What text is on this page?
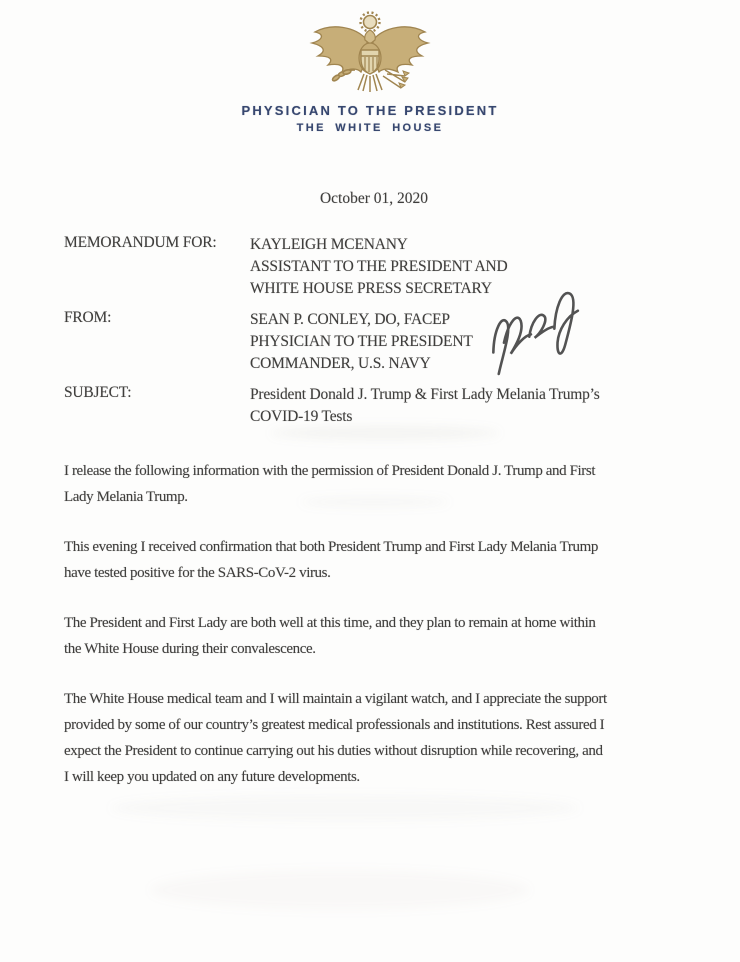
PHYSICIAN TO THE PRESIDENT
THE WHITE HOUSE
October 01, 2020
MEMORANDUM FOR:	KAYLEIGH MCENANY
ASSISTANT TO THE PRESIDENT AND
WHITE HOUSE PRESS SECRETARY
FROM:	SEAN P. CONLEY, DO, FACEP
PHYSICIAN TO THE PRESIDENT
COMMANDER, U.S. NAVY
SUBJECT:	President Donald J. Trump & First Lady Melania Trump’s
COVID-19 Tests
I release the following information with the permission of President Donald J. Trump and First
Lady Melania Trump.
This evening I received confirmation that both President Trump and First Lady Melania Trump
have tested positive for the SARS-CoV-2 virus.
The President and First Lady are both well at this time, and they plan to remain at home within
the White House during their convalescence.
The White House medical team and I will maintain a vigilant watch, and I appreciate the support
provided by some of our country’s greatest medical professionals and institutions. Rest assured I
expect the President to continue carrying out his duties without disruption while recovering, and
I will keep you updated on any future developments.
